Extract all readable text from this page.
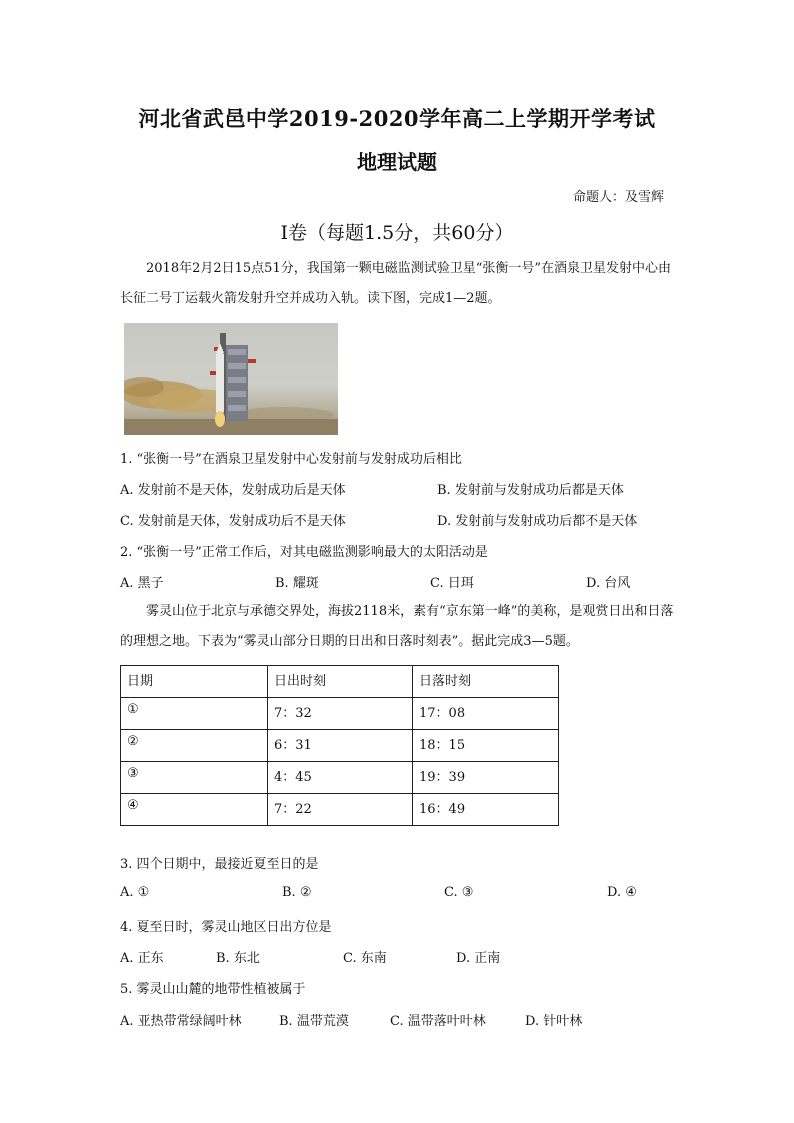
河北省武邑中学2019-2020学年高二上学期开学考试
地理试题
命题人：及雪辉
Ⅰ卷（每题1.5分，共60分）
2018年2月2日15点51分，我国第一颗电磁监测试验卫星“张衡一号”在酒泉卫星发射中心由长征二号丁运载火箭发射升空并成功入轨。读下图，完成1—2题。
1. “张衡一号”在酒泉卫星发射中心发射前与发射成功后相比
A. 发射前不是天体，发射成功后是天体	B. 发射前与发射成功后都是天体
C. 发射前是天体，发射成功后不是天体	D. 发射前与发射成功后都不是天体
2. “张衡一号”正常工作后，对其电磁监测影响最大的太阳活动是
A. 黑子	B. 耀斑	C. 日珥	D. 台风
雾灵山位于北京与承德交界处，海拔2118米，素有“京东第一峰”的美称，是观赏日出和日落的理想之地。下表为“雾灵山部分日期的日出和日落时刻表”。据此完成3—5题。
日期	日出时刻	日落时刻
①	7：32	17：08
②	6：31	18：15
③	4：45	19：39
④	7：22	16：49
3. 四个日期中，最接近夏至日的是
A. ①	B. ②	C. ③	D. ④
4. 夏至日时，雾灵山地区日出方位是
A. 正东	B. 东北	C. 东南	D. 正南
5. 雾灵山山麓的地带性植被属于
A. 亚热带常绿阔叶林	B. 温带荒漠	C. 温带落叶叶林	D. 针叶林
